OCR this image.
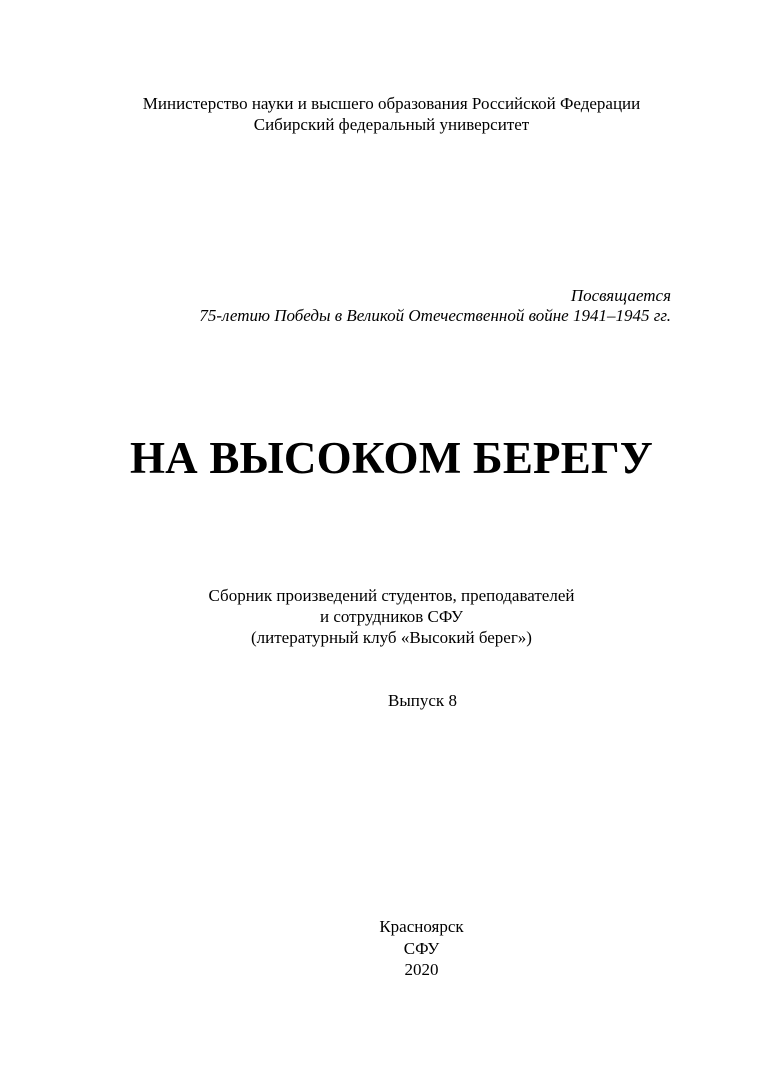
Министерство науки и высшего образования Российской Федерации
Сибирский федеральный университет
Посвящается
75-летию Победы в Великой Отечественной войне 1941–1945 гг.
НА ВЫСОКОМ БЕРЕГУ
Сборник произведений студентов, преподавателей
и сотрудников СФУ
(литературный клуб «Высокий берег»)
Выпуск 8
Красноярск
СФУ
2020
